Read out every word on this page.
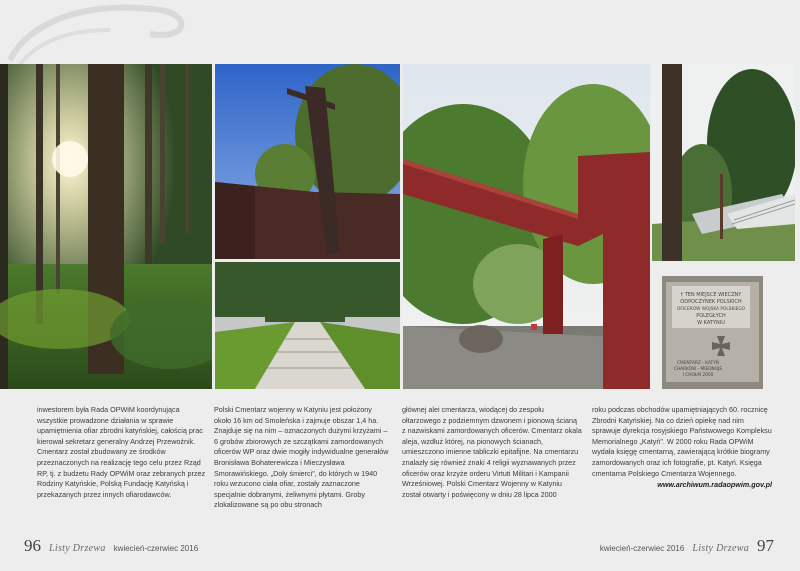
† TEN MIEJSCE WIECZNY
ODPOCZYNEK POLSKICH
OFICERÓW WOJSKA POLSKIEGO
POLEGŁYCH
W KATYNIU
CMENTARZ - KATYŃ
CHARKÓW - MIEDNOJE
I CHOŁM 2000

inwestorem była Rada OPWiM koordynująca wszystkie prowadzone działania w sprawie upamiętnienia ofiar zbrodni katyńskiej, całością prac kierował sekretarz generalny Andrzej Przewoźnik. Cmentarz został zbudowany ze środków przeznaczonych na realizację tego celu przez Rząd RP, tj. z budżetu Rady OPWiM oraz zebranych przez Rodziny Katyńskie, Polską Fundację Katyńską i przekazanych przez innych ofiarodawców.

Polski Cmentarz wojenny w Katyniu jest położony około 16 km od Smoleńska i zajmuje obszar 1,4 ha. Znajduje się na nim – oznaczonych dużymi krzyżami – 6 grobów zbiorowych ze szczątkami zamordowanych oficerów WP oraz dwie mogiły indywidualne generałów Bronisława Bohaterewicza i Mieczysława Smorawińskiego. „Doły śmierci", do których w 1940 roku wrzucono ciała ofiar, zostały zaznaczone specjalnie dobranymi, żeliwnymi płytami. Groby zlokalizowane są po obu stronach

głównej alei cmentarza, wiodącej do zespołu ołtarzowego z podziemnym dzwonem i pionową ścianą z nazwiskami zamordowanych oficerów. Cmentarz okala aleja, wzdłuż której, na pionowych ścianach, umieszczono imienne tabliczki epitafijne. Na cmentarzu znalazły się również znaki 4 religii wyznawanych przez oficerów oraz krzyże orderu Virtuti Militari i Kampanii Wrześniowej. Polski Cmentarz Wojenny w Katyniu został otwarty i poświęcony w dniu 28 lipca 2000

roku podczas obchodów upamiętniających 60. rocznicę Zbrodni Katyńskiej. Na co dzień opiekę nad nim sprawuje dyrekcja rosyjskiego Państwowego Kompleksu Memorialnego „Katyń". W 2000 roku Rada OPWiM wydała księgę cmentarną, zawierającą krótkie biogramy zamordowanych oraz ich fotografie, pt. Katyń. Księga cmentarna Polskiego Cmentarza Wojennego.

www.archiwum.radaopwim.gov.pl

96 Listy Drzewa kwiecień-czerwiec 2016	kwiecień-czerwiec 2016 Listy Drzewa 97
